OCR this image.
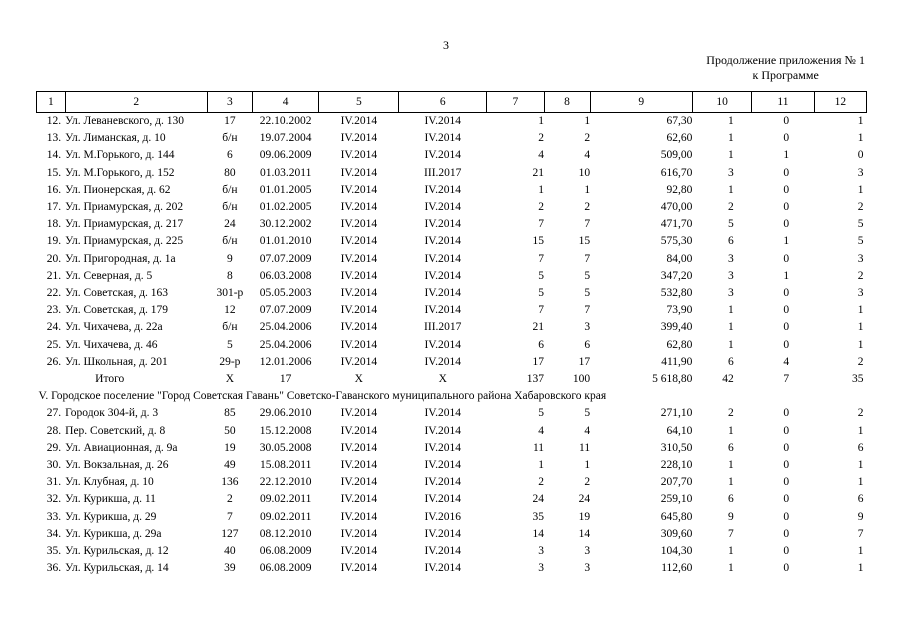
3
Продолжение приложения № 1
к Программе
1	2	3	4	5	6	7	8	9	10	11	12
12.	Ул. Леваневского, д. 130	17	22.10.2002	IV.2014	IV.2014	1	1	67,30	1	0	1
13.	Ул. Лиманская, д. 10	б/н	19.07.2004	IV.2014	IV.2014	2	2	62,60	1	0	1
14.	Ул. М.Горького, д. 144	6	09.06.2009	IV.2014	IV.2014	4	4	509,00	1	1	0
15.	Ул. М.Горького, д. 152	80	01.03.2011	IV.2014	III.2017	21	10	616,70	3	0	3
16.	Ул. Пионерская, д. 62	б/н	01.01.2005	IV.2014	IV.2014	1	1	92,80	1	0	1
17.	Ул. Приамурская, д. 202	б/н	01.02.2005	IV.2014	IV.2014	2	2	470,00	2	0	2
18.	Ул. Приамурская, д. 217	24	30.12.2002	IV.2014	IV.2014	7	7	471,70	5	0	5
19.	Ул. Приамурская, д. 225	б/н	01.01.2010	IV.2014	IV.2014	15	15	575,30	6	1	5
20.	Ул. Пригородная, д. 1а	9	07.07.2009	IV.2014	IV.2014	7	7	84,00	3	0	3
21.	Ул. Северная, д. 5	8	06.03.2008	IV.2014	IV.2014	5	5	347,20	3	1	2
22.	Ул. Советская, д. 163	301-р	05.05.2003	IV.2014	IV.2014	5	5	532,80	3	0	3
23.	Ул. Советская, д. 179	12	07.07.2009	IV.2014	IV.2014	7	7	73,90	1	0	1
24.	Ул. Чихачева, д. 22а	б/н	25.04.2006	IV.2014	III.2017	21	3	399,40	1	0	1
25.	Ул. Чихачева, д. 46	5	25.04.2006	IV.2014	IV.2014	6	6	62,80	1	0	1
26.	Ул. Школьная, д. 201	29-р	12.01.2006	IV.2014	IV.2014	17	17	411,90	6	4	2
	Итого	Х	17	Х	Х	137	100	5 618,80	42	7	35
V. Городское поселение "Город Советская Гавань" Советско-Гаванского муниципального района Хабаровского края											
27.	Городок 304-й, д. 3	85	29.06.2010	IV.2014	IV.2014	5	5	271,10	2	0	2
28.	Пер. Советский, д. 8	50	15.12.2008	IV.2014	IV.2014	4	4	64,10	1	0	1
29.	Ул. Авиационная, д. 9а	19	30.05.2008	IV.2014	IV.2014	11	11	310,50	6	0	6
30.	Ул. Вокзальная, д. 26	49	15.08.2011	IV.2014	IV.2014	1	1	228,10	1	0	1
31.	Ул. Клубная, д. 10	136	22.12.2010	IV.2014	IV.2014	2	2	207,70	1	0	1
32.	Ул. Курикша, д. 11	2	09.02.2011	IV.2014	IV.2014	24	24	259,10	6	0	6
33.	Ул. Курикша, д. 29	7	09.02.2011	IV.2014	IV.2016	35	19	645,80	9	0	9
34.	Ул. Курикша, д. 29а	127	08.12.2010	IV.2014	IV.2014	14	14	309,60	7	0	7
35.	Ул. Курильская, д. 12	40	06.08.2009	IV.2014	IV.2014	3	3	104,30	1	0	1
36.	Ул. Курильская, д. 14	39	06.08.2009	IV.2014	IV.2014	3	3	112,60	1	0	1
